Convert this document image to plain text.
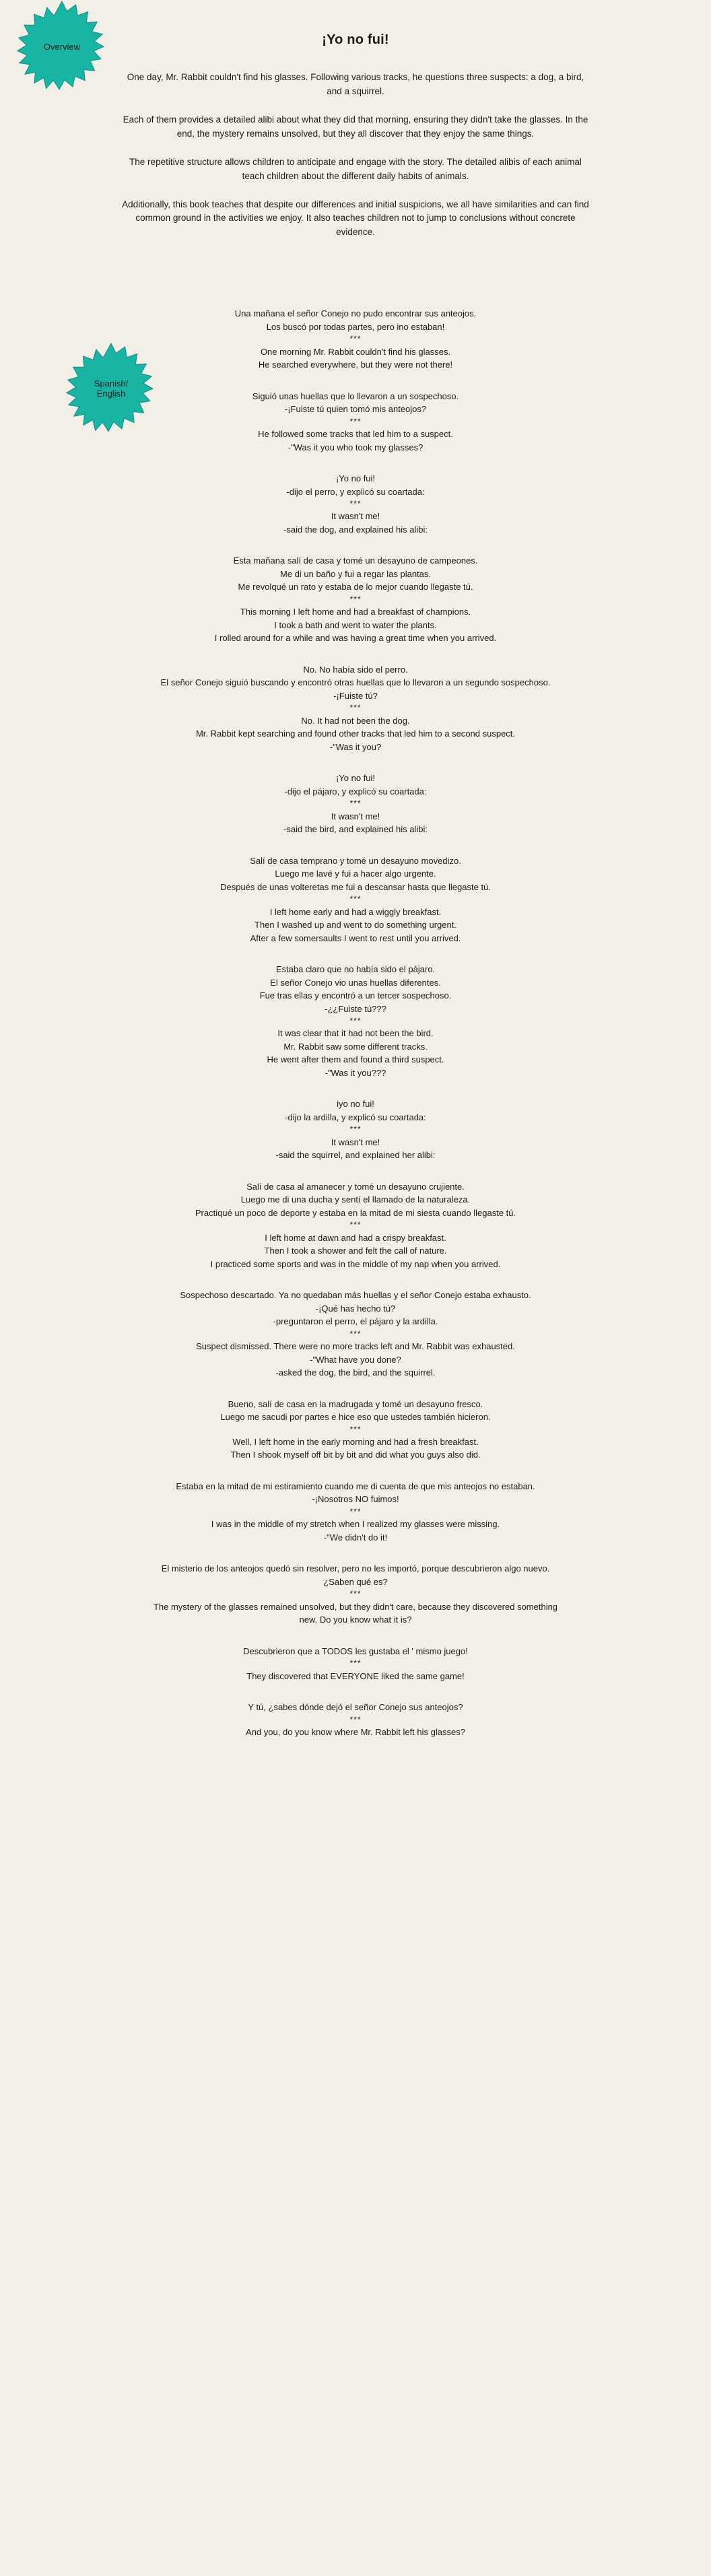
Overview
Spanish/
English
¡Yo no fui!

One day, Mr. Rabbit couldn't find his glasses. Following various tracks, he questions three suspects: a dog, a bird, and a squirrel.

Each of them provides a detailed alibi about what they did that morning, ensuring they didn't take the glasses. In the end, the mystery remains unsolved, but they all discover that they enjoy the same things.

The repetitive structure allows children to anticipate and engage with the story. The detailed alibis of each animal teach children about the different daily habits of animals.

Additionally, this book teaches that despite our differences and initial suspicions, we all have similarities and can find common ground in the activities we enjoy. It also teaches children not to jump to conclusions without concrete evidence.

Una mañana el señor Conejo no pudo encontrar sus anteojos.
Los buscó por todas partes, pero ino estaban!
***
One morning Mr. Rabbit couldn't find his glasses.
He searched everywhere, but they were not there!
Siguió unas huellas que lo llevaron a un sospechoso.
-¡Fuiste tú quien tomó mis anteojos?
***
He followed some tracks that led him to a suspect.
-"Was it you who took my glasses?
¡Yo no fui!
-dijo el perro, y explicó su coartada:
***
It wasn't me!
-said the dog, and explained his alibi:
Esta mañana salí de casa y tomé un desayuno de campeones.
Me di un baño y fui a regar las plantas.
Me revolqué un rato y estaba de lo mejor cuando llegaste tú.
***
This morning I left home and had a breakfast of champions.
I took a bath and went to water the plants.
I rolled around for a while and was having a great time when you arrived.
No. No había sido el perro.
El señor Conejo siguió buscando y encontró otras huellas que lo llevaron a un segundo sospechoso.
-¡Fuiste tú?
***
No. It had not been the dog.
Mr. Rabbit kept searching and found other tracks that led him to a second suspect.
-"Was it you?
¡Yo no fui!
-dijo el pájaro, y explicó su coartada:
***
It wasn't me!
-said the bird, and explained his alibi:
Salí de casa temprano y tomé un desayuno movedizo.
Luego me lavé y fui a hacer algo urgente.
Después de unas volteretas me fui a descansar hasta que llegaste tú.
***
I left home early and had a wiggly breakfast.
Then I washed up and went to do something urgent.
After a few somersaults I went to rest until you arrived.
Estaba claro que no había sido el pájaro.
El señor Conejo vio unas huellas diferentes.
Fue tras ellas y encontró a un tercer sospechoso.
-¿¿Fuiste tú???
***
It was clear that it had not been the bird.
Mr. Rabbit saw some different tracks.
He went after them and found a third suspect.
-"Was it you???
iyo no fui!
-dijo la ardilla, y explicó su coartada:
***
It wasn't me!
-said the squirrel, and explained her alibi:
Salí de casa al amanecer y tomé un desayuno crujiente.
Luego me di una ducha y sentí el llamado de la naturaleza.
Practiqué un poco de deporte y estaba en la mitad de mi siesta cuando llegaste tú.
***
I left home at dawn and had a crispy breakfast.
Then I took a shower and felt the call of nature.
I practiced some sports and was in the middle of my nap when you arrived.
Sospechoso descartado. Ya no quedaban más huellas y el señor Conejo estaba exhausto.
-¡Qué has hecho tú?
-preguntaron el perro, el pájaro y la ardilla.
***
Suspect dismissed. There were no more tracks left and Mr. Rabbit was exhausted.
-"What have you done?
-asked the dog, the bird, and the squirrel.
Bueno, salí de casa en la madrugada y tomé un desayuno fresco.
Luego me sacudi por partes e hice eso que ustedes también hicieron.
***
Well, I left home in the early morning and had a fresh breakfast.
Then I shook myself off bit by bit and did what you guys also did.
Estaba en la mitad de mi estiramiento cuando me di cuenta de que mis anteojos no estaban.
-¡Nosotros NO fuimos!
***
I was in the middle of my stretch when I realized my glasses were missing.
-"We didn't do it!
El misterio de los anteojos quedó sin resolver, pero no les importó, porque descubrieron algo nuevo.
¿Saben qué es?
***
The mystery of the glasses remained unsolved, but they didn't care, because they discovered something
new. Do you know what it is?
Descubrieron que a TODOS les gustaba el ' mismo juego!
***
They discovered that EVERYONE liked the same game!
Y tú, ¿sabes dónde dejó el señor Conejo sus anteojos?
***
And you, do you know where Mr. Rabbit left his glasses?
